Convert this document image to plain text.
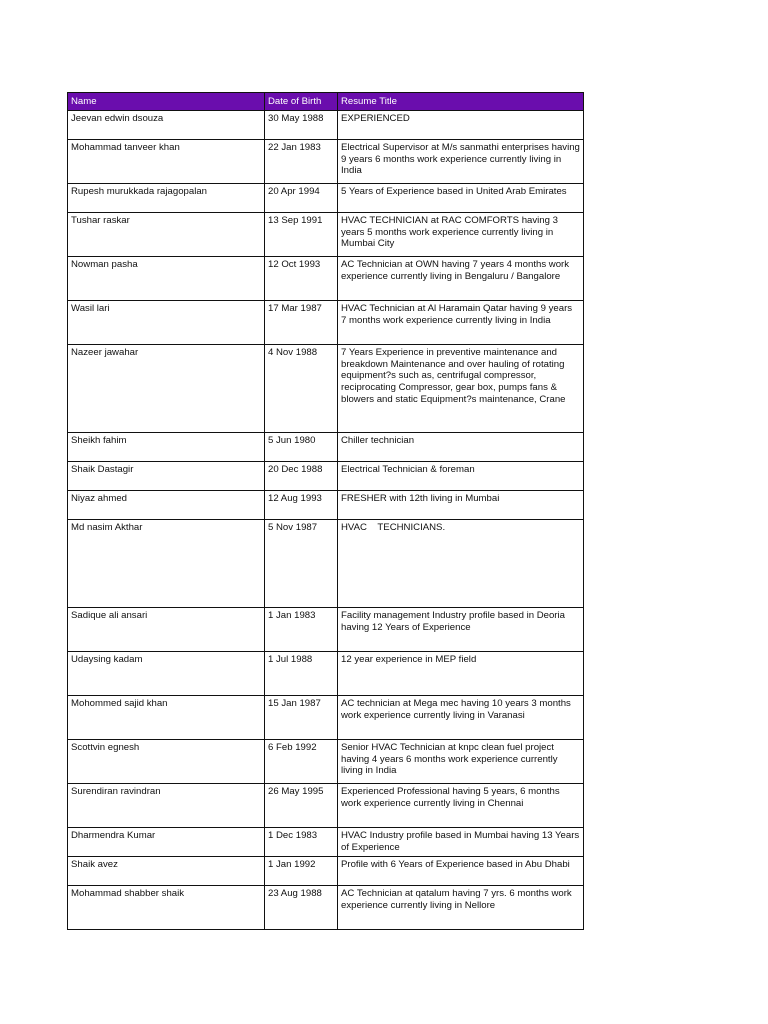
Name	Date of Birth	Resume Title
Jeevan edwin dsouza	30 May 1988	EXPERIENCED
Mohammad tanveer khan	22 Jan 1983	Electrical Supervisor at M/s sanmathi enterprises having 9 years 6 months work experience currently living in India
Rupesh murukkada rajagopalan	20 Apr 1994	5 Years of Experience based in United Arab Emirates
Tushar raskar	13 Sep 1991	HVAC TECHNICIAN at RAC COMFORTS having 3 years 5 months work experience currently living in Mumbai City
Nowman pasha	12 Oct 1993	AC Technician at OWN having 7 years 4 months work experience currently living in Bengaluru / Bangalore
Wasil lari	17 Mar 1987	HVAC Technician at Al Haramain Qatar having 9 years 7 months work experience currently living in India
Nazeer jawahar	4 Nov 1988	7 Years Experience in preventive maintenance and breakdown Maintenance and over hauling of rotating equipment?s such as, centrifugal compressor, reciprocating Compressor, gear box, pumps fans & blowers and static Equipment?s maintenance, Crane
Sheikh fahim	5 Jun 1980	Chiller technician
Shaik Dastagir	20 Dec 1988	Electrical Technician & foreman
Niyaz ahmed	12 Aug 1993	FRESHER with 12th living in Mumbai
Md nasim Akthar	5 Nov 1987	HVAC    TECHNICIANS.
Sadique ali ansari	1 Jan 1983	Facility management Industry profile based in Deoria having 12 Years of Experience
Udaysing kadam	1 Jul 1988	12 year experience in MEP field
Mohommed sajid khan	15 Jan 1987	AC technician at Mega mec having 10 years 3 months work experience currently living in Varanasi
Scottvin egnesh	6 Feb 1992	Senior HVAC Technician at knpc clean fuel project having 4 years 6 months work experience currently living in India
Surendiran ravindran	26 May 1995	Experienced Professional having 5 years, 6 months work experience currently living in Chennai
Dharmendra Kumar	1 Dec 1983	HVAC Industry profile based in Mumbai having 13 Years of Experience
Shaik avez	1 Jan 1992	Profile with 6 Years of Experience based in Abu Dhabi
Mohammad shabber shaik	23 Aug 1988	AC Technician at qatalum having 7 yrs. 6 months work experience currently living in Nellore
